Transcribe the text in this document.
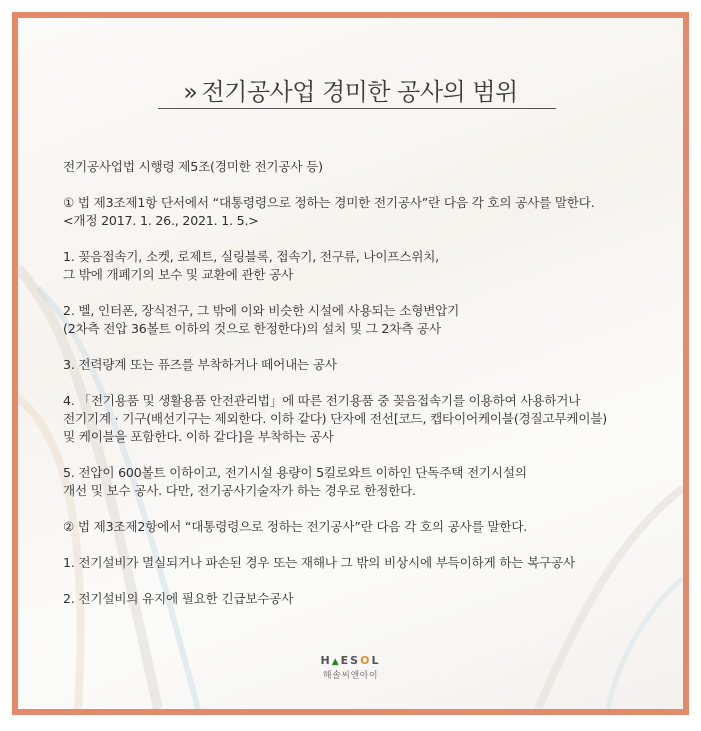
» 전기공사업 경미한 공사의 범위

전기공사업법 시행령 제5조(경미한 전기공사 등)

① 법 제3조제1항 단서에서 “대통령령으로 정하는 경미한 전기공사”란 다음 각 호의 공사를 말한다.

<개정 2017. 1. 26., 2021. 1. 5.>

1. 꽂음접속기, 소켓, 로제트, 실링블록, 접속기, 전구류, 나이프스위치,

그 밖에 개폐기의 보수 및 교환에 관한 공사

2. 벨, 인터폰, 장식전구, 그 밖에 이와 비슷한 시설에 사용되는 소형변압기

(2차측 전압 36볼트 이하의 것으로 한정한다)의 설치 및 그 2차측 공사

3. 전력량계 또는 퓨즈를 부착하거나 떼어내는 공사

4. 「전기용품 및 생활용품 안전관리법」에 따른 전기용품 중 꽂음접속기를 이용하여 사용하거나

전기기계 · 기구(배선기구는 제외한다. 이하 같다) 단자에 전선[코드, 캡타이어케이블(경질고무케이블)

및 케이블을 포함한다. 이하 같다]을 부착하는 공사

5. 전압이 600볼트 이하이고, 전기시설 용량이 5킬로와트 이하인 단독주택 전기시설의

개선 및 보수 공사. 다만, 전기공사기술자가 하는 경우로 한정한다.

② 법 제3조제2항에서 “대통령령으로 정하는 전기공사”란 다음 각 호의 공사를 말한다.

1. 전기설비가 멸실되거나 파손된 경우 또는 재해나 그 밖의 비상시에 부득이하게 하는 복구공사

2. 전기설비의 유지에 필요한 긴급보수공사

H▲ESOL
해솔씨앤아이
